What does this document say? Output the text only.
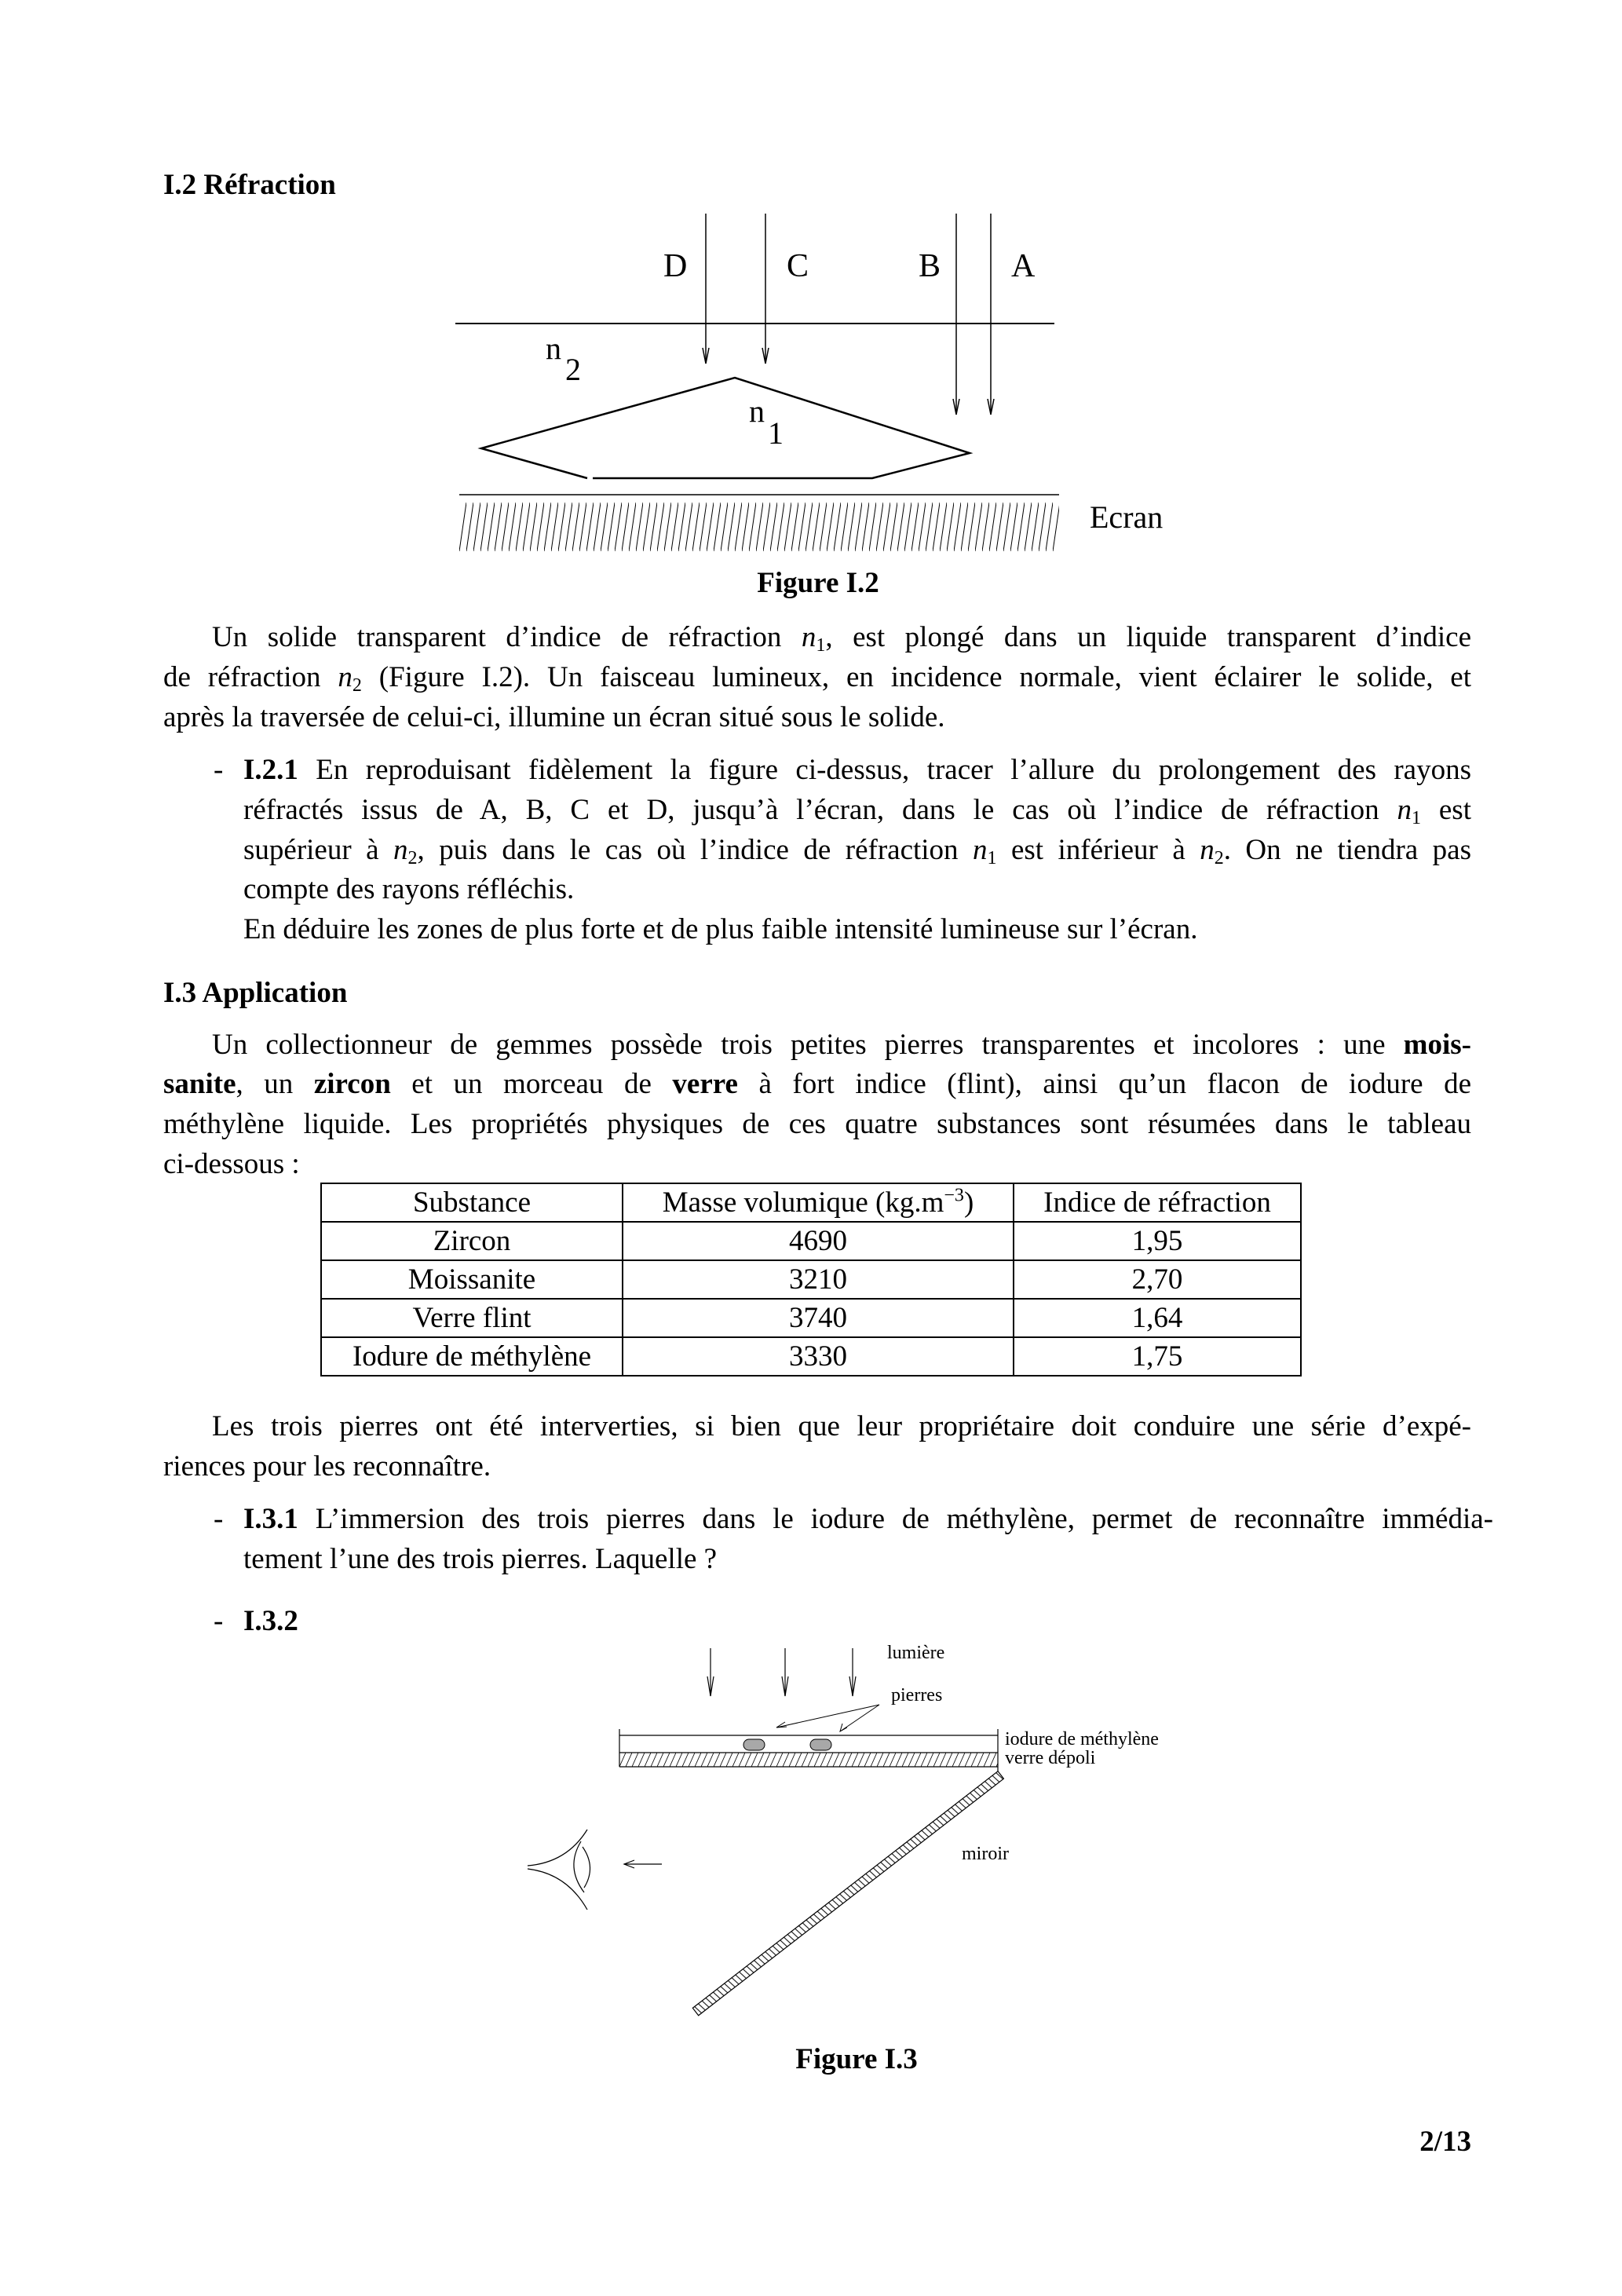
I.2 Réfraction
D	C	B A
n
2
n
1
Ecran
lumière
pierres
iodure de méthylène
verre dépoli
miroir
Figure I.2
Un solide transparent d’indice de réfraction $n_1$, est plongé dans un liquide transparent d’indice
de réfraction $n_2$ (Figure I.2). Un faisceau lumineux, en incidence normale, vient éclairer le solide, et
après la traversée de celui-ci, illumine un écran situé sous le solide.
- I.2.1 En reproduisant fidèlement la figure ci-dessus, tracer l’allure du prolongement des rayons
réfractés issus de A, B, C et D, jusqu’à l’écran, dans le cas où l’indice de réfraction $n_1$ est
supérieur à $n_2$, puis dans le cas où l’indice de réfraction $n_1$ est inférieur à $n_2$. On ne tiendra pas
compte des rayons réfléchis.
En déduire les zones de plus forte et de plus faible intensité lumineuse sur l’écran.
I.3 Application
Un collectionneur de gemmes possède trois petites pierres transparentes et incolores : une mois-
sanite, un zircon et un morceau de verre à fort indice (flint), ainsi qu’un flacon de iodure de
méthylène liquide. Les propriétés physiques de ces quatre substances sont résumées dans le tableau
ci-dessous :
Substance	Masse volumique $(kg.m^{-3})$	Indice de réfraction
Zircon	4690	1,95
Moissanite	3210	2,70
Verre flint	3740	1,64
Iodure de méthylène	3330	1,75
Les trois pierres ont été interverties, si bien que leur propriétaire doit conduire une série d’expé-
riences pour les reconnaître.
- I.3.1 L’immersion des trois pierres dans le iodure de méthylène, permet de reconnaître immédia-
tement l’une des trois pierres. Laquelle ?
- I.3.2
Figure I.3
2/13
